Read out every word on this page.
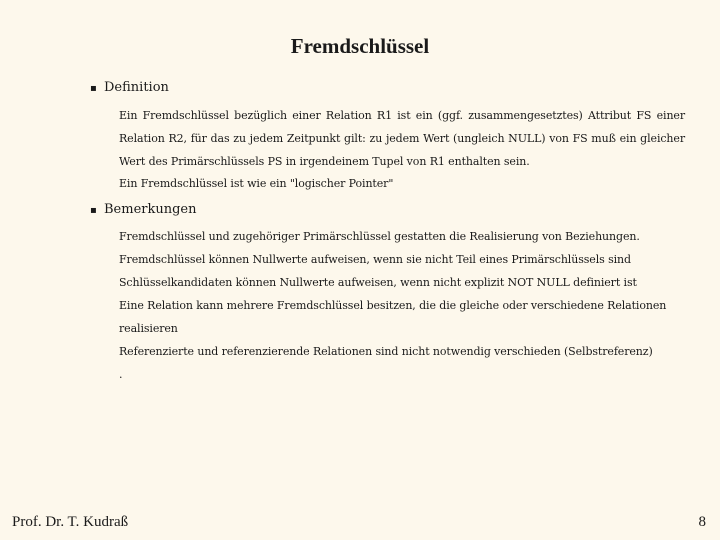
Fremdschlüssel
▪ Definition

Ein Fremdschlüssel bezüglich einer Relation R1 ist ein (ggf. zusammengesetztes) Attribut FS einer Relation R2, für das zu jedem Zeitpunkt gilt: zu jedem Wert (ungleich NULL) von FS muß ein gleicher Wert des Primärschlüssels PS in irgendeinem Tupel von R1 enthalten sein.

Ein Fremdschlüssel ist wie ein "logischer Pointer"

▪ Bemerkungen

Fremdschlüssel und zugehöriger Primärschlüssel gestatten die Realisierung von Beziehungen.

Fremdschlüssel können Nullwerte aufweisen, wenn sie nicht Teil eines Primärschlüssels sind

Schlüsselkandidaten können Nullwerte aufweisen, wenn nicht explizit NOT NULL definiert ist

Eine Relation kann mehrere Fremdschlüssel besitzen, die die gleiche oder verschiedene Relationen realisieren

Referenzierte und referenzierende Relationen sind nicht notwendig verschieden (Selbstreferenz)

.

Prof. Dr. T. Kudraß	8
